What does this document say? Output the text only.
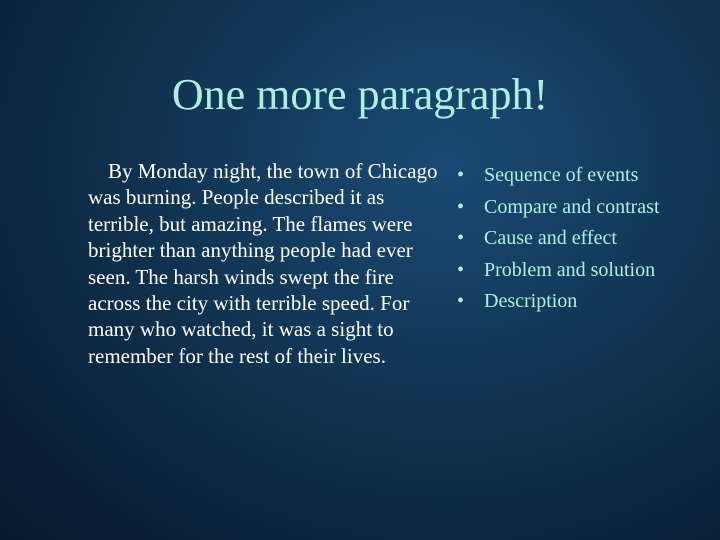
One more paragraph!

By Monday night, the town of Chicago was burning. People described it as terrible, but amazing. The flames were brighter than anything people had ever seen. The harsh winds swept the fire across the city with terrible speed. For many who watched, it was a sight to remember for the rest of their lives.

• Sequence of events
• Compare and contrast
• Cause and effect
• Problem and solution
• Description
